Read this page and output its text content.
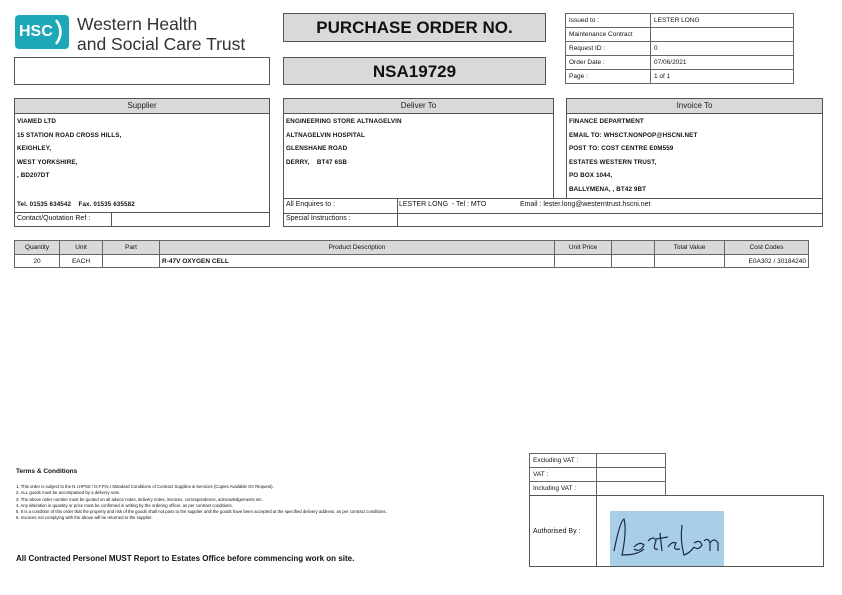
HSC Western Health
and Social Care Trust
PURCHASE ORDER NO.
NSA19729
Issued to :	LESTER LONG
Maintenance Contract	
Request ID :	0
Order Date :	07/06/2021
Page :	1 of 1
Supplier
VIAMED LTD
15 STATION ROAD CROSS HILLS,
KEIGHLEY,
WEST YORKSHIRE,
, BD207DT
Tel. 01535 634542    Fax. 01535 635582
Contact/Quotation Ref :
Deliver To
ENGINEERING STORE ALTNAGELVIN
ALTNAGELVIN HOSPITAL
GLENSHANE ROAD
DERRY,    BT47 6SB
All Enquires to :	LESTER LONG  - Tel : MTO	Email : lester.long@westerntrust.hscni.net
Special Instructions :
Invoice To
FINANCE DEPARTMENT
EMAIL TO: WHSCT.NONPOP@HSCNI.NET
POST TO: COST CENTRE E0M559
ESTATES WESTERN TRUST,
PO BOX 1044,
BALLYMENA, , BT42 9BT
Quantity	Unit	Part	Product Description	Unit Price		Total Value	Cost Codes
20	EACH		R-47V OXYGEN CELL				E0A302 / 30184240
Terms & Conditions
1. This order is subject to the N.I.HPSS / D.F.P.N.I Standard Conditions of Contract Supplies & Services (Copies Available On Request).
2. ALL goods must be accompanied by a delivery note.
3. The above order number must be quoted on all advice notes, delivery notes, invoices, correspondence, acknowledgements etc.
4. Any alteration in quantity or price must be confirmed in writing by the ordering officer, as per contract conditions.
5. It is a condition of this order that the property and risk of the goods shall not pass to the supplier until the goods have been accepted at the specified delivery address, as per contract conditions.
6. Invoices not complying with the above will be returned to the supplier.
All Contracted Personel MUST Report to Estates Office before commencing work on site.
Excluding VAT :	
VAT :	
Including VAT :	
Authorised By :
Lester Long
